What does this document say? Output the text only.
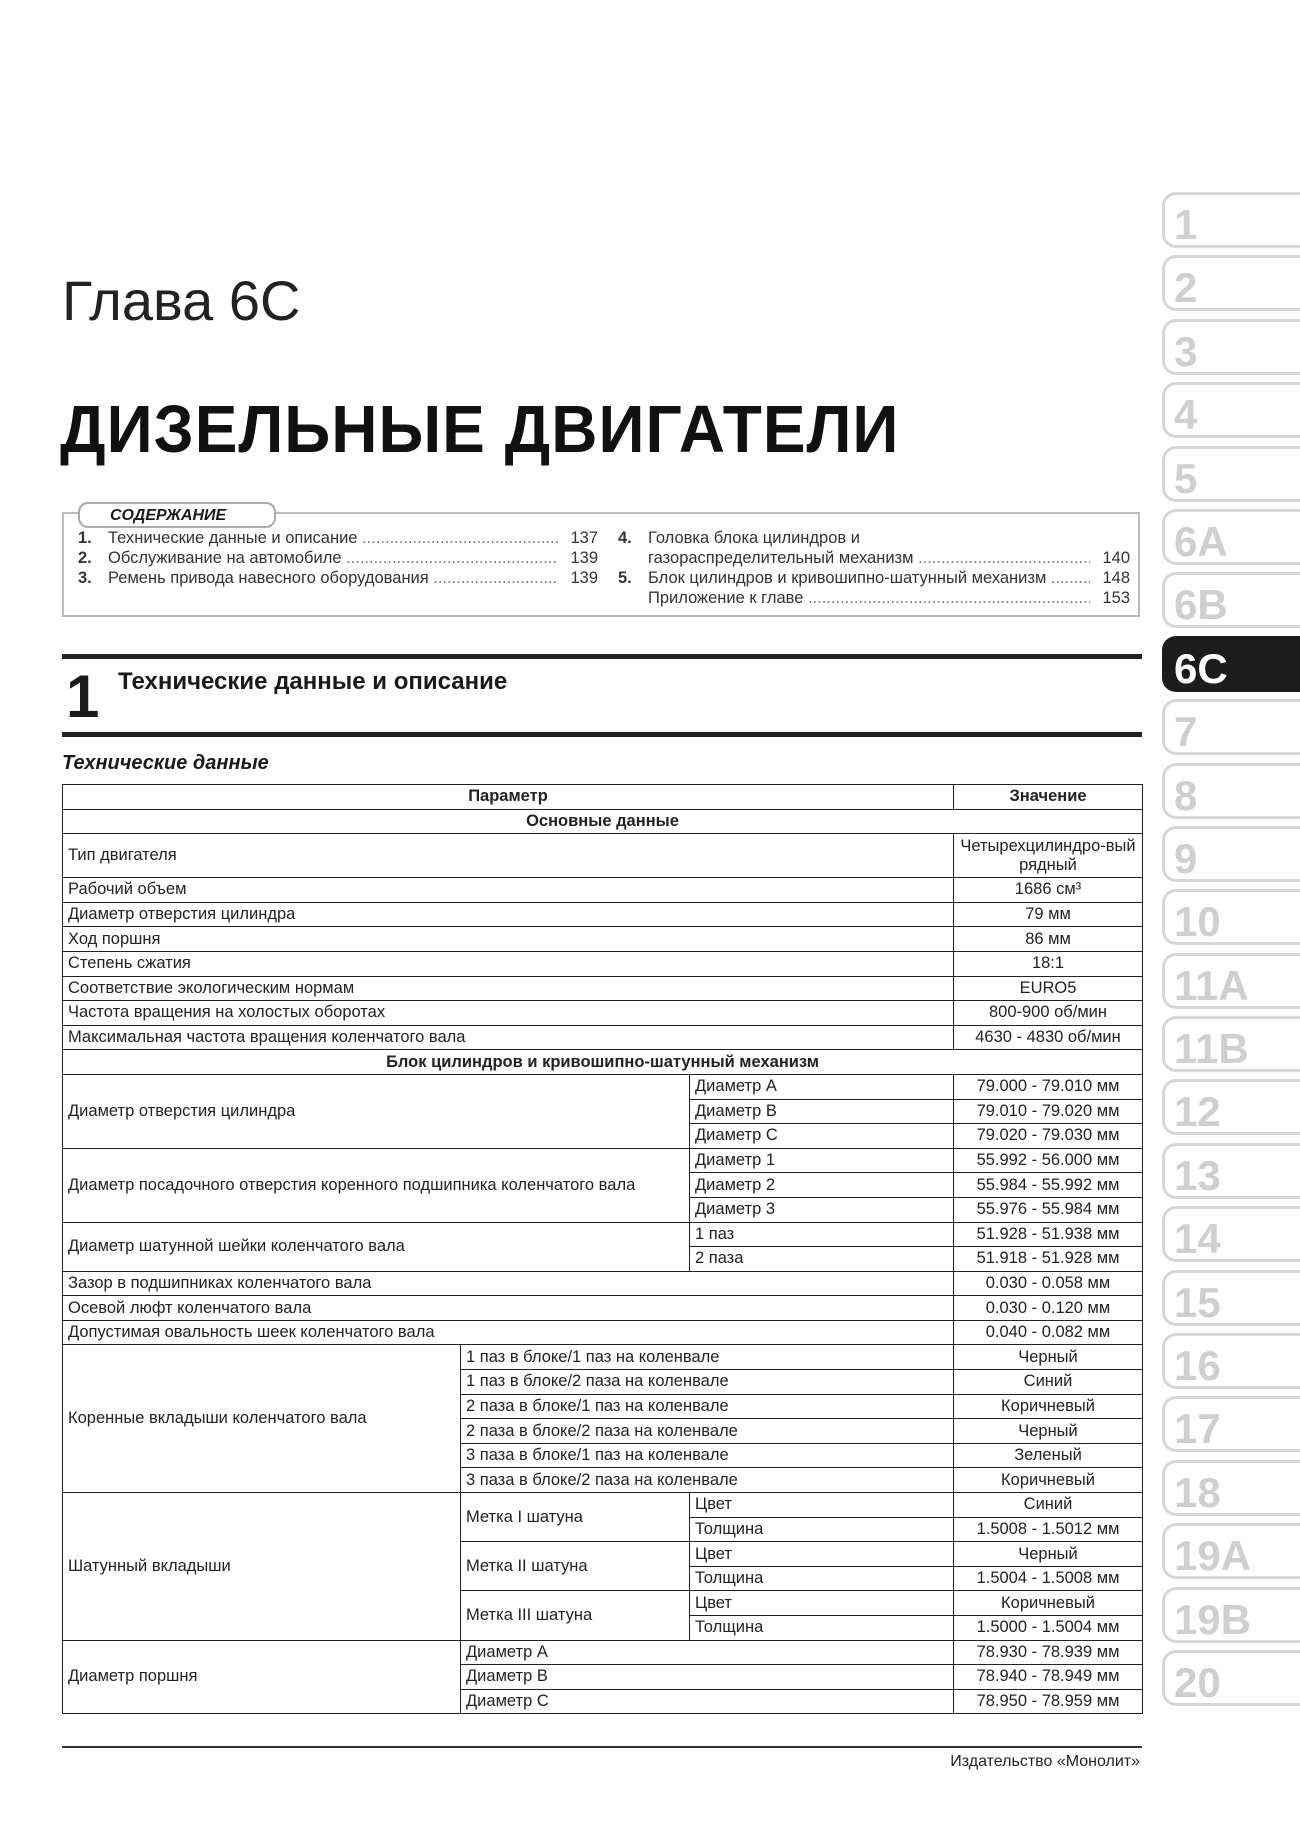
Глава 6С
ДИЗЕЛЬНЫЕ ДВИГАТЕЛИ
СОДЕРЖАНИЕ
1. Технические данные и описание .....	137
2. Обслуживание на автомобиле .....	139
3. Ремень привода навесного оборудования .....	139
4. Головка блока цилиндров и
газораспределительный механизм .....	140
5. Блок цилиндров и кривошипно-шатунный механизм .....	148
Приложение к главе .....	153
1 Технические данные и описание
Технические данные
Параметр			Значение
Основные данные			
Тип двигателя			Четырехцилиндро-вый рядный
Рабочий объем			1686 см³
Диаметр отверстия цилиндра			79 мм
Ход поршня			86 мм
Степень сжатия			18:1
Соответствие экологическим нормам			EURO5
Частота вращения на холостых оборотах			800-900 об/мин
Максимальная частота вращения коленчатого вала			4630 - 4830 об/мин
Блок цилиндров и кривошипно-шатунный механизм			
Диаметр отверстия цилиндра		Диаметр A	79.000 - 79.010 мм
		Диаметр B	79.010 - 79.020 мм
		Диаметр C	79.020 - 79.030 мм
Диаметр посадочного отверстия коренного подшипника коленчатого вала		Диаметр 1	55.992 - 56.000 мм
		Диаметр 2	55.984 - 55.992 мм
		Диаметр 3	55.976 - 55.984 мм
Диаметр шатунной шейки коленчатого вала		1 паз	51.928 - 51.938 мм
		2 паза	51.918 - 51.928 мм
Зазор в подшипниках коленчатого вала			0.030 - 0.058 мм
Осевой люфт коленчатого вала			0.030 - 0.120 мм
Допустимая овальность шеек коленчатого вала			0.040 - 0.082 мм
Коренные вкладыши коленчатого вала	1 паз в блоке/1 паз на коленвале		Черный
	1 паз в блоке/2 паза на коленвале		Синий
	2 паза в блоке/1 паз на коленвале		Коричневый
	2 паза в блоке/2 паза на коленвале		Черный
	3 паза в блоке/1 паз на коленвале		Зеленый
	3 паза в блоке/2 паза на коленвале		Коричневый
Шатунный вкладыши	Метка I шатуна	Цвет	Синий
		Толщина	1.5008 - 1.5012 мм
	Метка II шатуна	Цвет	Черный
		Толщина	1.5004 - 1.5008 мм
	Метка III шатуна	Цвет	Коричневый
		Толщина	1.5000 - 1.5004 мм
Диаметр поршня	Диаметр A		78.930 - 78.939 мм
	Диаметр B		78.940 - 78.949 мм
	Диаметр C		78.950 - 78.959 мм
1
2
3
4
5
6A
6B
6C
7
8
9
10
11A
11B
12
13
14
15
16
17
18
19A
19B
20
Издательство «Монолит»
